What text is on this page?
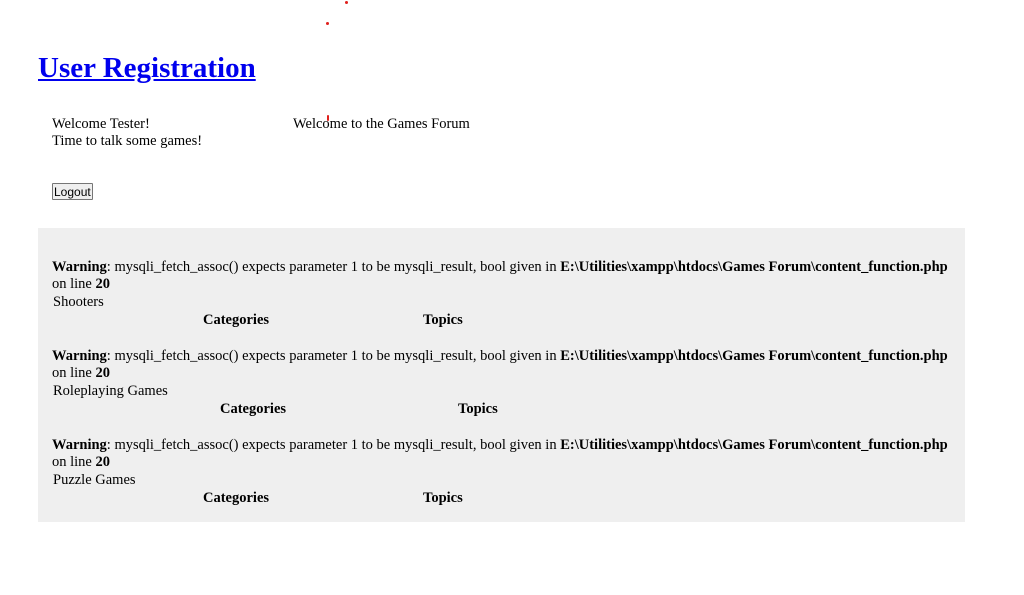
User Registration
Welcome Tester!
Time to talk some games!
Welcome to the Games Forum
Logout
Warning: mysqli_fetch_assoc() expects parameter 1 to be mysqli_result, bool given in E:\Utilities\xampp\htdocs\Games Forum\content_function.php on line 20
Shooters
Categories	Topics
Warning: mysqli_fetch_assoc() expects parameter 1 to be mysqli_result, bool given in E:\Utilities\xampp\htdocs\Games Forum\content_function.php on line 20
Roleplaying Games
Categories	Topics
Warning: mysqli_fetch_assoc() expects parameter 1 to be mysqli_result, bool given in E:\Utilities\xampp\htdocs\Games Forum\content_function.php on line 20
Puzzle Games
Categories	Topics
